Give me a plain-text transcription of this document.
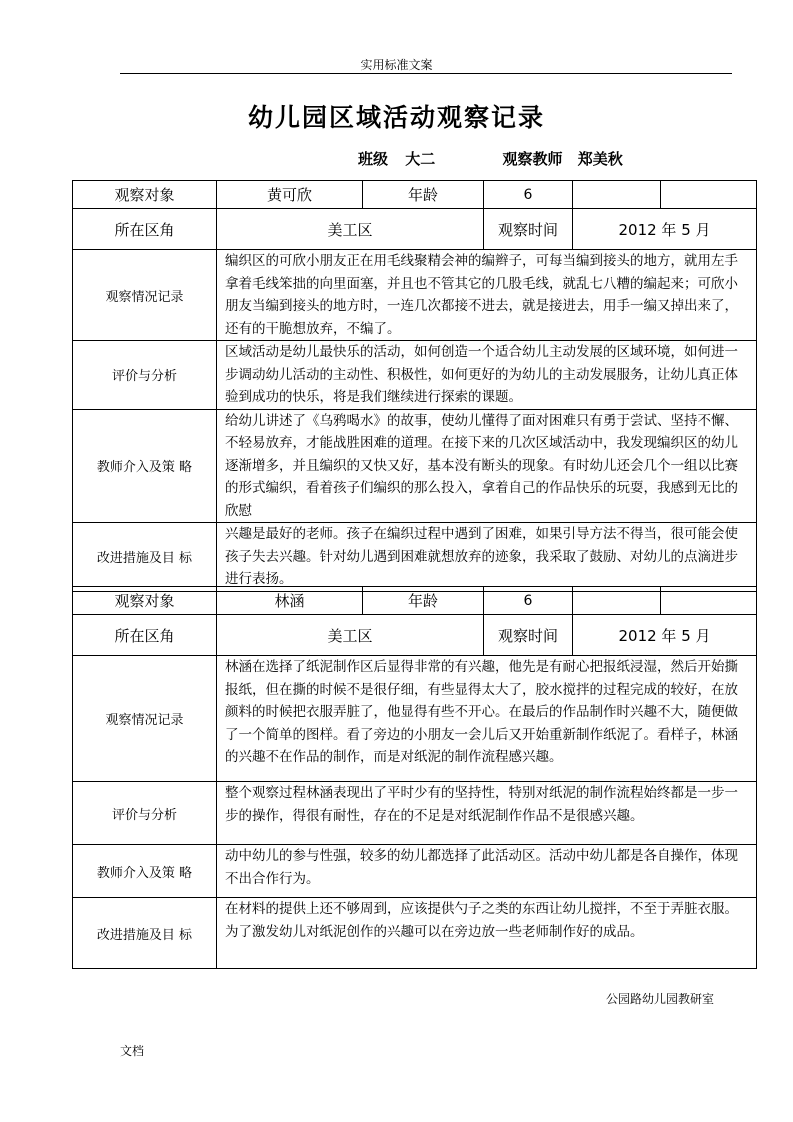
实用标准文案
幼儿园区域活动观察记录
班级 大二	观察教师 郑美秋
观察对象	黄可欣	年龄	6		
所在区角	美工区		观察时间	2012 年 5 月	
观察情况记录	编织区的可欣小朋友正在用毛线聚精会神的编辫子，可每当编到接头的地方，就用左手拿着毛线笨拙的向里面塞，并且也不管其它的几股毛线，就乱七八糟的编起来；可欣小朋友当编到接头的地方时，一连几次都接不进去，就是接进去，用手一编又掉出来了，还有的干脆想放弃，不编了。				
评价与分析	区域活动是幼儿最快乐的活动，如何创造一个适合幼儿主动发展的区域环境，如何进一步调动幼儿活动的主动性、积极性，如何更好的为幼儿的主动发展服务，让幼儿真正体验到成功的快乐，将是我们继续进行探索的课题。				
教师介入及策 略	给幼儿讲述了《乌鸦喝水》的故事，使幼儿懂得了面对困难只有勇于尝试、坚持不懈、不轻易放弃，才能战胜困难的道理。在接下来的几次区域活动中，我发现编织区的幼儿逐渐增多，并且编织的又快又好，基本没有断头的现象。有时幼儿还会几个一组以比赛的形式编织，看着孩子们编织的那么投入，拿着自己的作品快乐的玩耍，我感到无比的欣慰				
改进措施及目 标	兴趣是最好的老师。孩子在编织过程中遇到了困难，如果引导方法不得当，很可能会使孩子失去兴趣。针对幼儿遇到困难就想放弃的迹象，我采取了鼓励、对幼儿的点滴进步进行表扬。				
观察对象	林涵	年龄	6		
所在区角	美工区		观察时间	2012 年 5 月	
观察情况记录	林涵在选择了纸泥制作区后显得非常的有兴趣，他先是有耐心把报纸浸湿，然后开始撕报纸，但在撕的时候不是很仔细，有些显得太大了，胶水搅拌的过程完成的较好，在放颜料的时候把衣服弄脏了，他显得有些不开心。在最后的作品制作时兴趣不大，随便做了一个简单的图样。看了旁边的小朋友一会儿后又开始重新制作纸泥了。看样子，林涵的兴趣不在作品的制作，而是对纸泥的制作流程感兴趣。				
评价与分析	整个观察过程林涵表现出了平时少有的坚持性，特别对纸泥的制作流程始终都是一步一步的操作，得很有耐性，存在的不足是对纸泥制作作品不是很感兴趣。				
教师介入及策 略	动中幼儿的参与性强，较多的幼儿都选择了此活动区。活动中幼儿都是各自操作，体现不出合作行为。				
改进措施及目 标	在材料的提供上还不够周到，应该提供勺子之类的东西让幼儿搅拌，不至于弄脏衣服。为了激发幼儿对纸泥创作的兴趣可以在旁边放一些老师制作好的成品。				
公园路幼儿园教研室
文档
